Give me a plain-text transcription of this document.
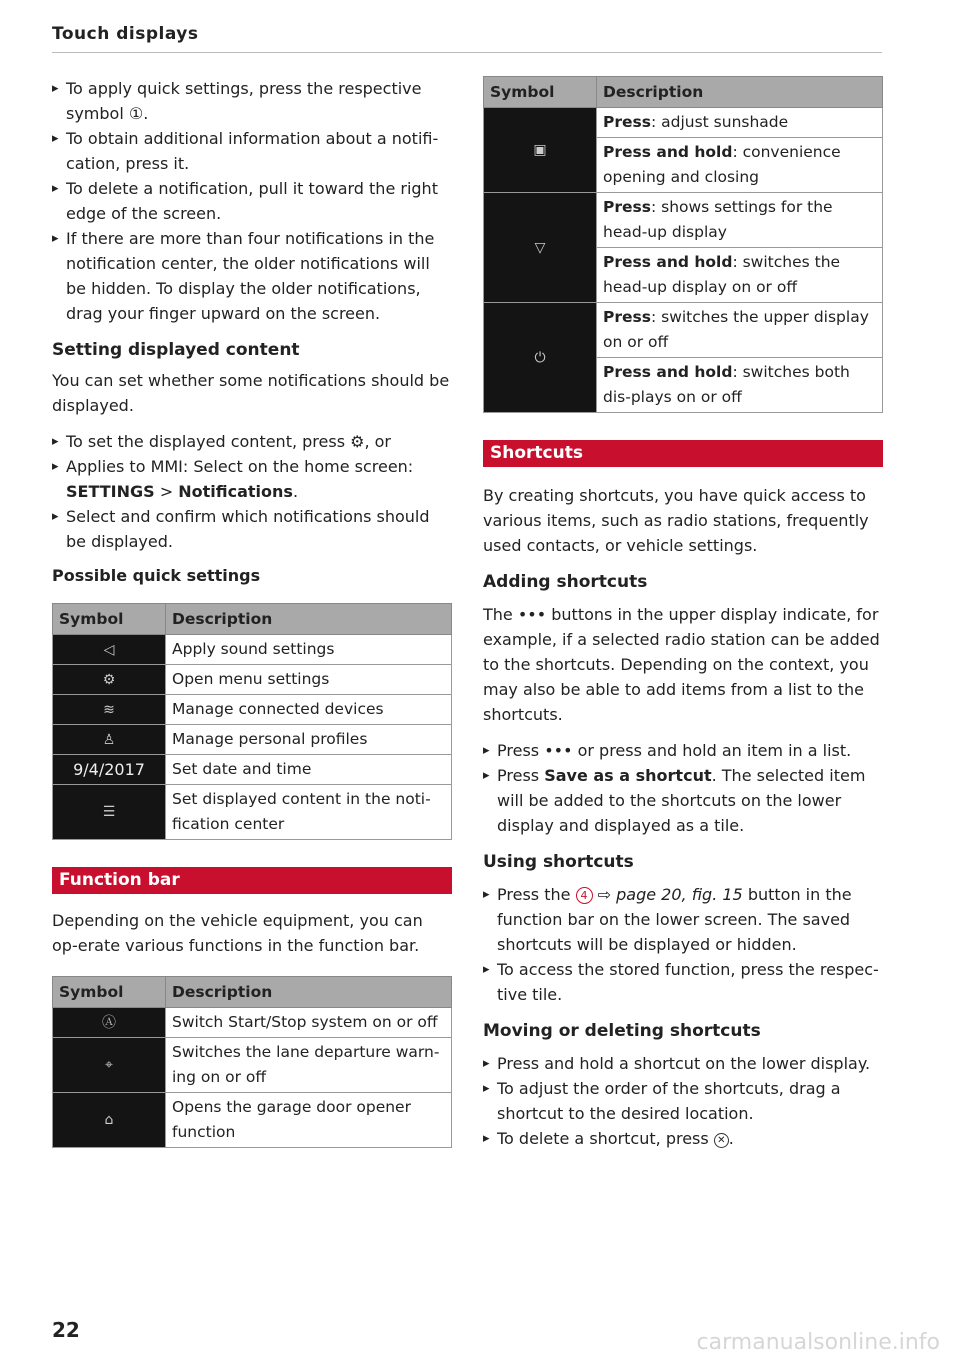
Touch displays

▸ To apply quick settings, press the respective symbol ①.

▸ To obtain additional information about a notifi-cation, press it.

▸ To delete a notification, pull it toward the right edge of the screen.

▸ If there are more than four notifications in the notification center, the older notifications will be hidden. To display the older notifications, drag your finger upward on the screen.

Setting displayed content

You can set whether some notifications should be displayed.

▸ To set the displayed content, press ⚙, or

▸ Applies to MMI: Select on the home screen:
SETTINGS > Notifications.

▸ Select and confirm which notifications should be displayed.

Possible quick settings

Symbol	Description
◁	Apply sound settings
⚙	Open menu settings
≋	Manage connected devices
♙	Manage personal profiles
9/4/2017	Set date and time
☰	Set displayed content in the noti-fication center
Function bar

Depending on the vehicle equipment, you can op-erate various functions in the function bar.

Symbol	Description
Ⓐ	Switch Start/Stop system on or off
⌖	Switches the lane departure warn-ing on or off
⌂	Opens the garage door opener function
Symbol	Description
▣	Press: adjust sunshade
	Press and hold: convenience opening and closing
▽	Press: shows settings for the head-up display
	Press and hold: switches the head-up display on or off
⏻	Press: switches the upper display on or off
	Press and hold: switches both dis-plays on or off
Shortcuts

By creating shortcuts, you have quick access to various items, such as radio stations, frequently used contacts, or vehicle settings.

Adding shortcuts

The ••• buttons in the upper display indicate, for example, if a selected radio station can be added to the shortcuts. Depending on the context, you may also be able to add items from a list to the shortcuts.

▸ Press ••• or press and hold an item in a list.

▸ Press Save as a shortcut. The selected item will be added to the shortcuts on the lower display and displayed as a tile.

Using shortcuts

▸ Press the 4 ⇨ page 20, fig. 15 button in the function bar on the lower screen. The saved shortcuts will be displayed or hidden.

▸ To access the stored function, press the respec-tive tile.

Moving or deleting shortcuts

▸ Press and hold a shortcut on the lower display.

▸ To adjust the order of the shortcuts, drag a shortcut to the desired location.

▸ To delete a shortcut, press ✕ .

22	carmanualsonline.info
